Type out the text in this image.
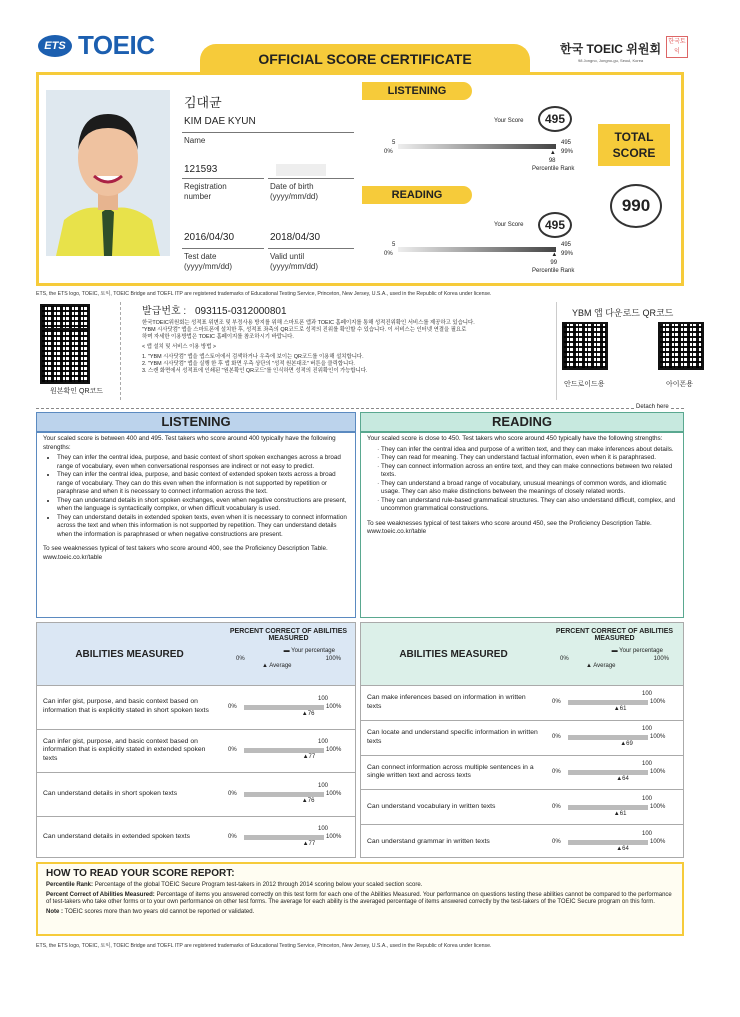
ETS TOEIC	OFFICIAL SCORE CERTIFICATE
한국 TOEIC 위원회
98 Jongno, Jongno-gu, Seoul, Korea
한국토익
김대균
KIM DAE KYUN
Name
121593
Registration number
Date of birth (yyyy/mm/dd)
2016/04/30	2018/04/30
Test date (yyyy/mm/dd)
Valid until (yyyy/mm/dd)
LISTENING
Your Score	495
5
0%
495
99%
▲
98
Percentile Rank
READING
Your Score	495
5
0%
495
99%
▲
99
Percentile Rank
TOTAL SCORE
990
ETS, the ETS logo, TOEIC, 토익, TOEIC Bridge and TOEFL ITP are registered trademarks of Educational Testing Service, Princeton, New Jersey, U.S.A., used in the Republic of Korea under license.
원본확인 QR코드
발급번호 : 093115-0312000801
한국TOEIC위원회는 성적표 위변조 및 부정사용 방지를 위해 스마트폰 앱과 TOEIC 홈페이지를 통해 성적진위확인 서비스를 제공하고 있습니다.
"YBM 시사닷컴" 앱을 스마트폰에 설치한 후, 성적표 좌측의 QR코드로 성적의 진위를 확인할 수 있습니다. 이 서비스는 인터넷 연결을 필요로
하며 자세한 이용방법은 TOEIC 홈페이지를 참조하시기 바랍니다.
< 앱 설치 및 서비스 이용 방법 >
1. "YBM 시사닷컴" 앱을 앱스토어에서 검색하거나 우측에 보이는 QR코드를 이용해 설치합니다.
2. "YBM 시사닷컴" 앱을 실행 한 후 앱 화면 우측 상단의 "성적 원본대조" 버튼을 클릭합니다.
3. 스캔 화면에서 성적표에 인쇄된 "원본확인 QR코드"를 인식하면 성적의 진위확인이 가능합니다.
YBM 앱 다운로드 QR코드
안드로이드용	아이폰용
Detach here
LISTENING
Your scaled score is between 400 and 495. Test takers who score around 400 typically have the following strengths:
• They can infer the central idea, purpose, and basic context of short spoken exchanges across a broad range of vocabulary, even when conversational responses are indirect or not easy to predict.
• They can infer the central idea, purpose, and basic context of extended spoken texts across a broad range of vocabulary. They can do this even when the information is not supported by repetition or paraphrase and when it is necessary to connect information across the text.
• They can understand details in short spoken exchanges, even when negative constructions are present, when the language is syntactically complex, or when difficult vocabulary is used.
• They can understand details in extended spoken texts, even when it is necessary to connect information across the text and when this information is not supported by repetition. They can understand details when the information is paraphrased or when negative constructions are present.
To see weaknesses typical of test takers who score around 400, see the Proficiency Description Table. www.toeic.co.kr/table
READING
Your scaled score is close to 450. Test takers who score around 450 typically have the following strengths:
· They can infer the central idea and purpose of a written text, and they can make inferences about details.
· They can read for meaning. They can understand factual information, even when it is paraphrased.
· They can connect information across an entire text, and they can make connections between two related texts.
· They can understand a broad range of vocabulary, unusual meanings of common words, and idiomatic usage. They can also make distinctions between the meanings of closely related words.
· They can understand rule-based grammatical structures. They can also understand difficult, complex, and uncommon grammatical constructions.
To see weaknesses typical of test takers who score around 450, see the Proficiency Description Table. www.toeic.co.kr/table
ABILITIES MEASURED
PERCENT CORRECT OF ABILITIES MEASURED
▬ Your percentage
0%	100%
▲ Average
Can infer gist, purpose, and basic context based on information that is explicitly stated in short spoken texts
0%
100
100%
▲76
Can infer gist, purpose, and basic context based on information that is explicitly stated in extended spoken texts
0%
100
100%
▲77
Can understand details in short spoken texts	0%
100
100%
▲76
Can understand details in extended spoken texts	0%
100
100%
▲77
ABILITIES MEASURED
PERCENT CORRECT OF ABILITIES MEASURED
▬ Your percentage
0%	100%
▲ Average
Can make inferences based on information in written texts
0%
100
100%
▲61
Can locate and understand specific information in written texts
0%
100
100%
▲69
Can connect information across multiple sentences in a single written text and across texts
0%
100
100%
▲64
Can understand vocabulary in written texts	0%
100
100%
▲61
Can understand grammar in written texts	0%
100
100%
▲64
HOW TO READ YOUR SCORE REPORT:
Percentile Rank: Percentage of the global TOEIC Secure Program test-takers in 2012 through 2014 scoring below your scaled section score.
Percent Correct of Abilities Measured: Percentage of items you answered correctly on this test form for each one of the Abilities Measured. Your performance on questions testing these abilities cannot be compared to the performance of test-takers who take other forms or to your own performance on other test forms. The average for each ability is the averaged percentage of items answered correctly by the test-takers of the TOEIC Secure program on this form.
Note : TOEIC scores more than two years old cannot be reported or validated.
ETS, the ETS logo, TOEIC, 토익, TOEIC Bridge and TOEFL ITP are registered trademarks of Educational Testing Service, Princeton, New Jersey, U.S.A., used in the Republic of Korea under license.
